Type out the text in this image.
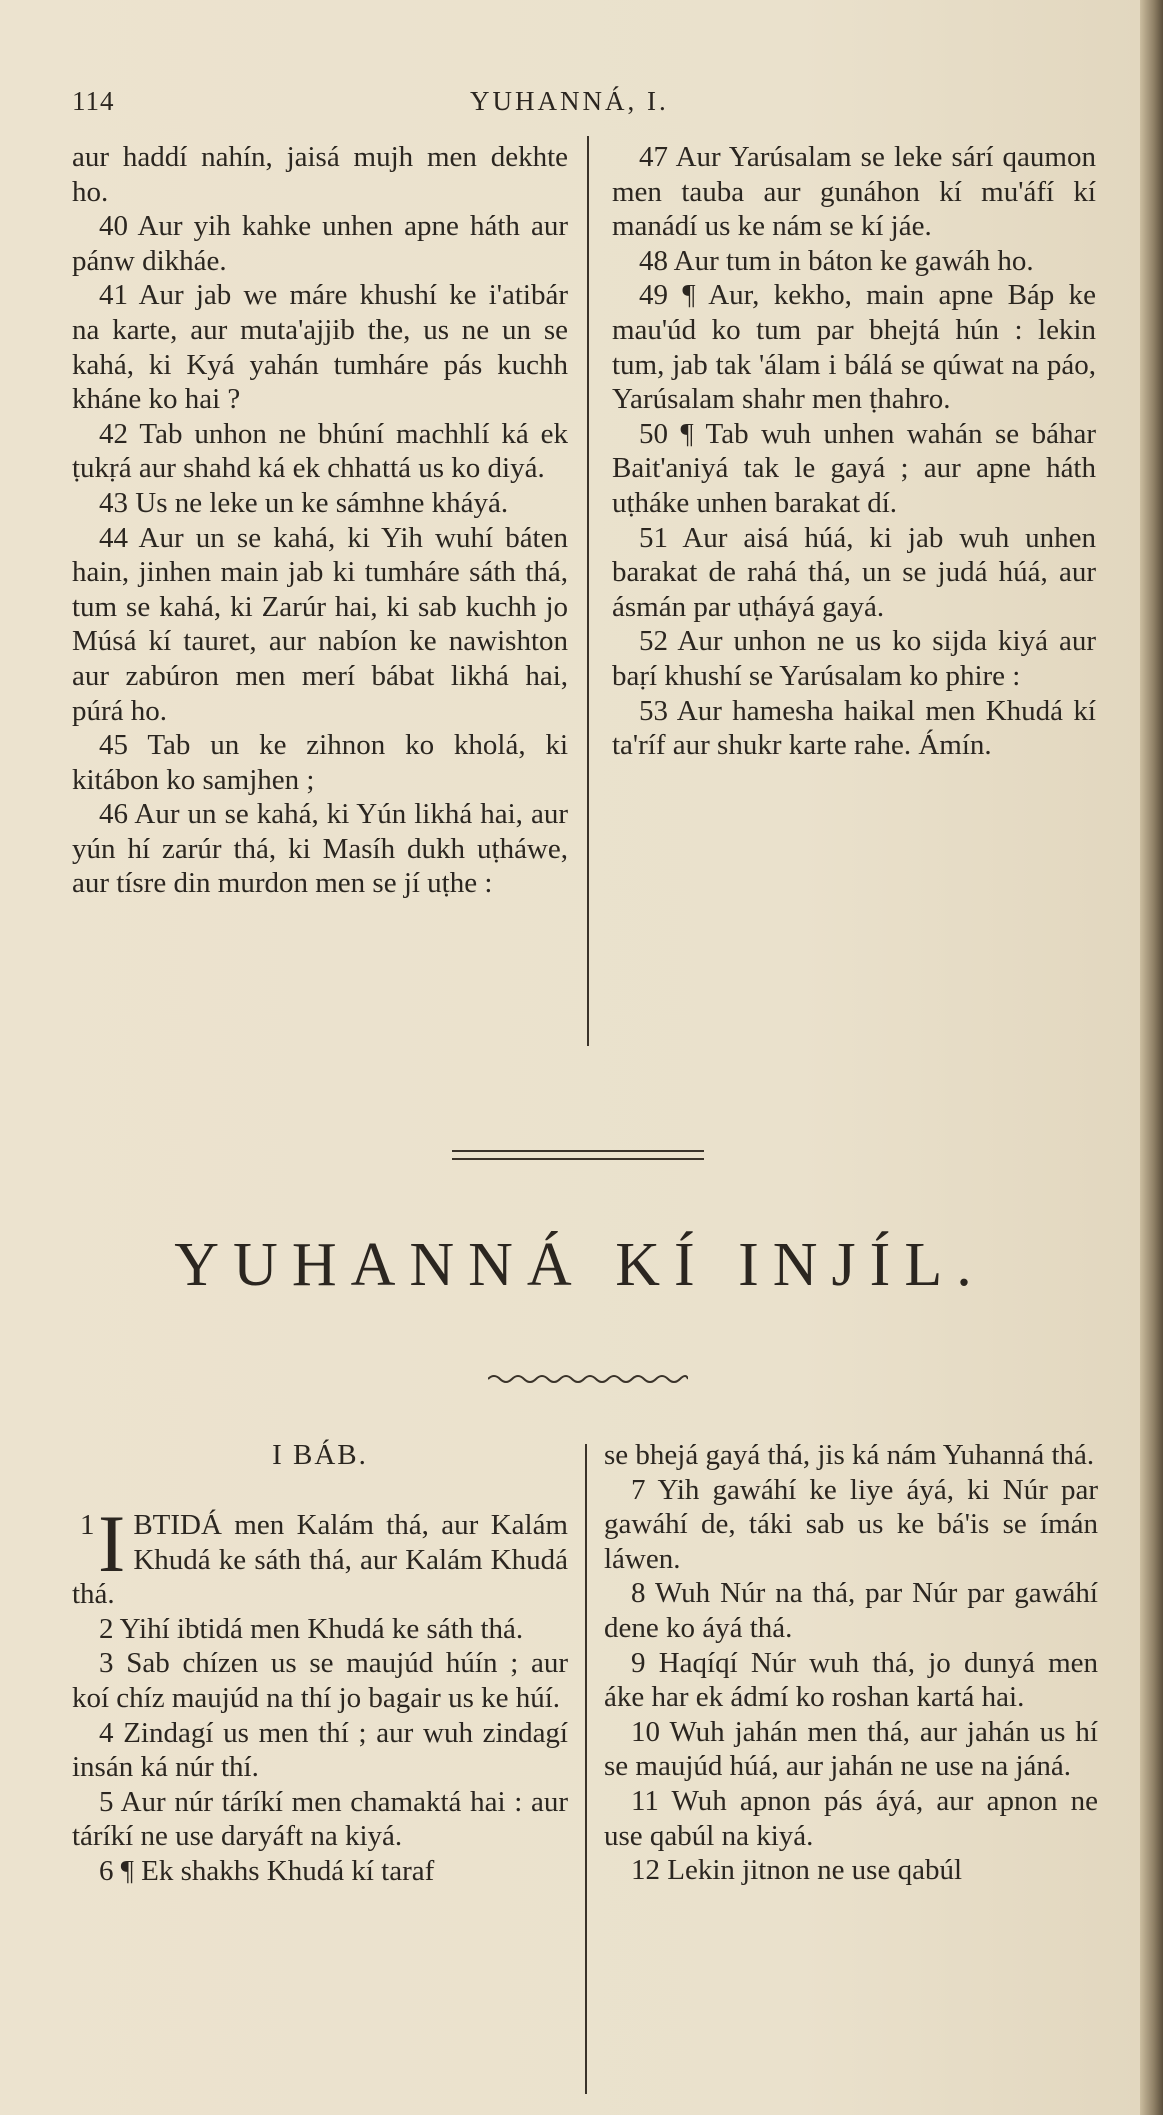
114	YUHANNÁ, I.

aur haddí nahín, jaisá mujh men dekhte ho.

40 Aur yih kahke unhen apne háth aur pánw dikháe.

41 Aur jab we máre khushí ke i'atibár na karte, aur muta'ajjib the, us ne un se kahá, ki Kyá yahán tumháre pás kuchh kháne ko hai ?

42 Tab unhon ne bhúní machhlí ká ek ṭukṛá aur shahd ká ek chhattá us ko diyá.

43 Us ne leke un ke sámhne kháyá.

44 Aur un se kahá, ki Yih wuhí báten hain, jinhen main jab ki tumháre sáth thá, tum se kahá, ki Zarúr hai, ki sab kuchh jo Músá kí tauret, aur nabíon ke nawishton aur zabúron men merí bábat likhá hai, púrá ho.

45 Tab un ke zihnon ko kholá, ki kitábon ko samjhen ;

46 Aur un se kahá, ki Yún likhá hai, aur yún hí zarúr thá, ki Masíh dukh uṭháwe, aur tísre din murdon men se jí uṭhe :

47 Aur Yarúsalam se leke sárí qaumon men tauba aur gunáhon kí mu'áfí kí manádí us ke nám se kí jáe.

48 Aur tum in báton ke gawáh ho.

49 ¶ Aur, kekho, main apne Báp ke mau'úd ko tum par bhejtá hún : lekin tum, jab tak 'álam i bálá se qúwat na páo, Yarúsalam shahr men ṭhahro.

50 ¶ Tab wuh unhen wahán se báhar Bait'aniyá tak le gayá ; aur apne háth uṭháke unhen barakat dí.

51 Aur aisá húá, ki jab wuh unhen barakat de rahá thá, un se judá húá, aur ásmán par uṭháyá gayá.

52 Aur unhon ne us ko sijda kiyá aur baṛí khushí se Yarúsalam ko phire :

53 Aur hamesha haikal men Khudá kí ta'ríf aur shukr karte rahe. Ámín.

YUHANNÁ KÍ INJÍL.
I BÁB.
1 I BTIDÁ men Kalám thá, aur Kalám Khudá ke sáth thá, aur Kalám Khudá thá.

2 Yihí ibtidá men Khudá ke sáth thá.

3 Sab chízen us se maujúd húín ; aur koí chíz maujúd na thí jo bagair us ke húí.

4 Zindagí us men thí ; aur wuh zindagí insán ká núr thí.

5 Aur núr táríkí men chamaktá hai : aur táríkí ne use daryáft na kiyá.

6 ¶ Ek shakhs Khudá kí taraf

se bhejá gayá thá, jis ká nám Yuhanná thá.

7 Yih gawáhí ke liye áyá, ki Núr par gawáhí de, táki sab us ke bá'is se ímán láwen.

8 Wuh Núr na thá, par Núr par gawáhí dene ko áyá thá.

9 Haqíqí Núr wuh thá, jo dunyá men áke har ek ádmí ko roshan kartá hai.

10 Wuh jahán men thá, aur jahán us hí se maujúd húá, aur jahán ne use na jáná.

11 Wuh apnon pás áyá, aur apnon ne use qabúl na kiyá.

12 Lekin jitnon ne use qabúl
